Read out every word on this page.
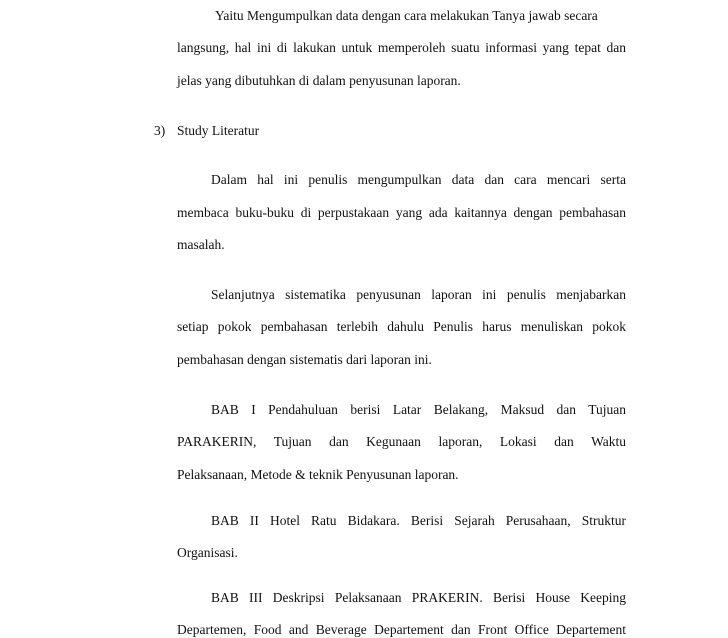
Yaitu Mengumpulkan data dengan cara melakukan Tanya jawab secara
langsung, hal ini di lakukan untuk memperoleh suatu informasi yang tepat dan
jelas yang dibutuhkan di dalam penyusunan laporan.
3) Study Literatur
Dalam hal ini penulis mengumpulkan data dan cara mencari serta
membaca buku-buku di perpustakaan yang ada kaitannya dengan pembahasan
masalah.
Selanjutnya sistematika penyusunan laporan ini penulis menjabarkan
setiap pokok pembahasan terlebih dahulu Penulis harus menuliskan pokok
pembahasan dengan sistematis dari laporan ini.
BAB I Pendahuluan berisi Latar Belakang, Maksud dan Tujuan
PARAKERIN, Tujuan dan Kegunaan laporan, Lokasi dan Waktu
Pelaksanaan, Metode & teknik Penyusunan laporan.
BAB II Hotel Ratu Bidakara. Berisi Sejarah Perusahaan, Struktur
Organisasi.
BAB III Deskripsi Pelaksanaan PRAKERIN. Berisi House Keeping
Departemen, Food and Beverage Departement dan Front Office Departement
